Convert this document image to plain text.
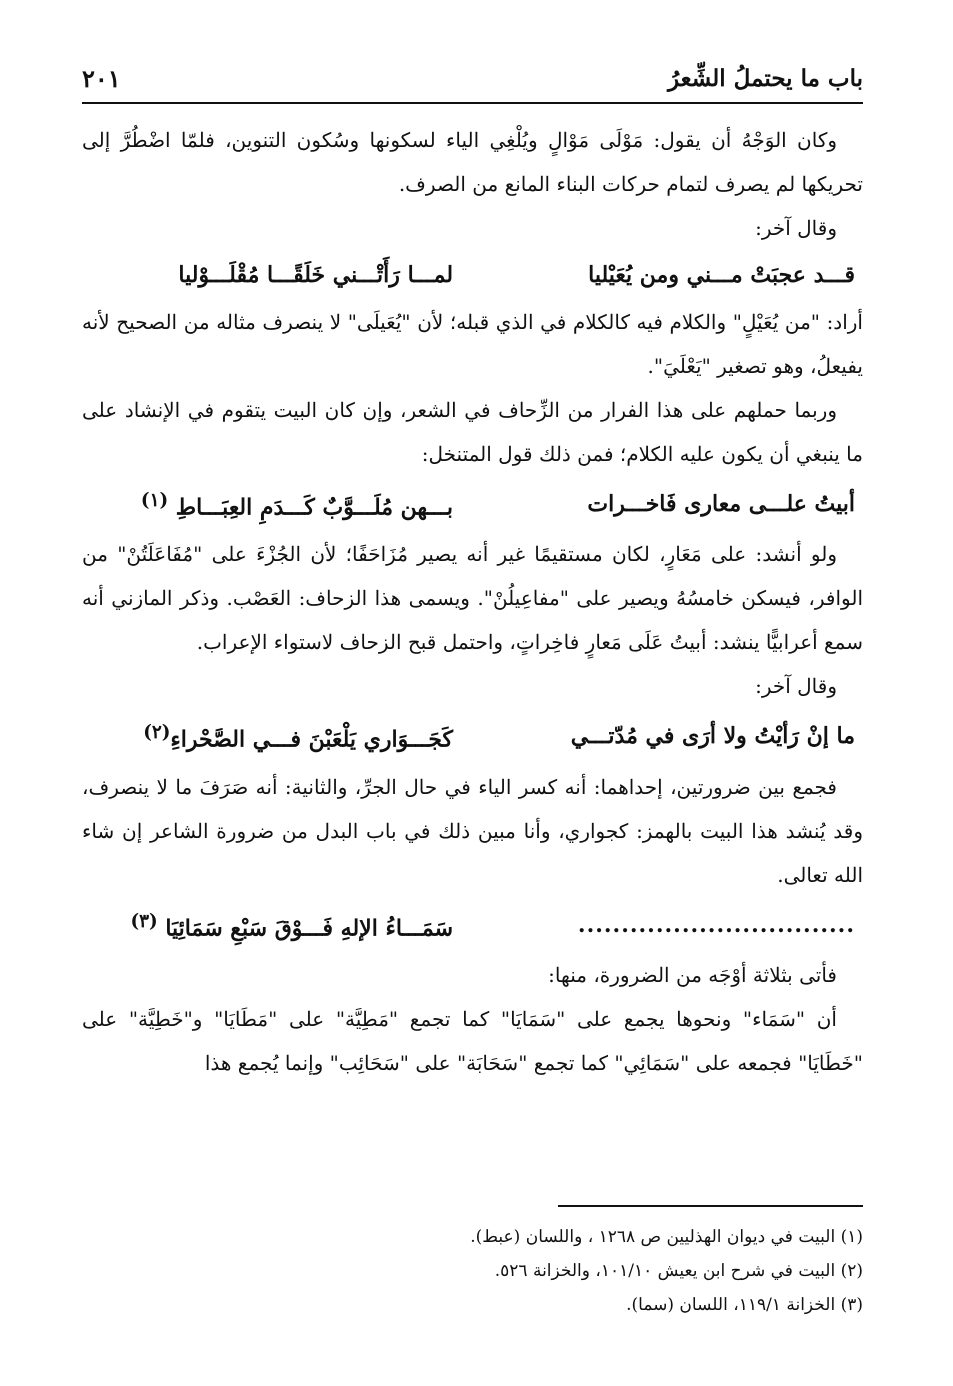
باب ما يحتملُ الشِّعرُ
٢٠١

وكان الوَجْهُ أن يقول: مَوْلَى مَوْالٍ ويُلْغِي الياء لسكونها وسُكون التنوين، فلمّا اضْطُرَّ إلى تحريكها لم يصرف لتمام حركات البناء المانع من الصرف.

وقال آخر:

قـــد عجبَتْ مـــني ومن يُعَيْليا
لمـــا رَأَتْـــني خَلَقًـــا مُقْلَـــوْليا

أراد: "من يُعَيْلٍ" والكلام فيه كالكلام في الذي قبله؛ لأن "يُعَيلَى" لا ينصرف مثاله من الصحيح لأنه يفيعلُ، وهو تصغير "يَعْلَيَ".

وربما حملهم على هذا الفرار من الزِّحاف في الشعر، وإن كان البيت يتقوم في الإنشاد على ما ينبغي أن يكون عليه الكلام؛ فمن ذلك قول المتنخل:

أبيتُ علـــى معارى فَاخـــرات
بـــهن مُلَـــوَّبٌ كَـــدَمِ العِبَـــاطِ $^{(١)}$

ولو أنشد: على مَعَارٍ، لكان مستقيمًا غير أنه يصير مُزَاحَفًا؛ لأن الجُزْءَ على "مُفَاعَلَتُنْ" من الوافر، فيسكن خامسُهُ ويصير على "مفاعِيلُنْ". ويسمى هذا الزحاف: العَصْب. وذكر المازني أنه سمع أعرابيًّا ينشد: أبيتُ عَلَى مَعارٍ فاخِراتٍ، واحتمل قبح الزحاف لاستواء الإعراب.

وقال آخر:

ما إنْ رَأيْتُ ولا أرَى في مُدّتـــي
كَجَـــوَاري يَلْعَبْنَ فـــي الصَّحْراءِ$^{(٢)}$

فجمع بين ضرورتين، إحداهما: أنه كسر الياء في حال الجرِّ، والثانية: أنه صَرَفَ ما لا ينصرف، وقد يُنشد هذا البيت بالهمز: كجواري، وأنا مبين ذلك في باب البدل من ضرورة الشاعر إن شاء الله تعالى.

................................
سَمَـــاءُ الإلهِ فَـــوْقَ سَبْعِ سَمَائِيَا $^{(٣)}$

فأتى بثلاثة أوْجَه من الضرورة، منها:

أن "سَمَاء" ونحوها يجمع على "سَمَايَا" كما تجمع "مَطِيَّة" على "مَطَايَا" و"خَطِيَّة" على "خَطَايَا" فجمعه على "سَمَائِي" كما تجمع "سَحَابَة" على "سَحَائِب" وإنما يُجمع هذا

(١) البيت في ديوان الهذليين ص ١٢٦٨ ، واللسان (عبط).

(٢) البيت في شرح ابن يعيش ١٠١/١٠، والخزانة ٥٢٦.

(٣) الخزانة ١١٩/١، اللسان (سما).
